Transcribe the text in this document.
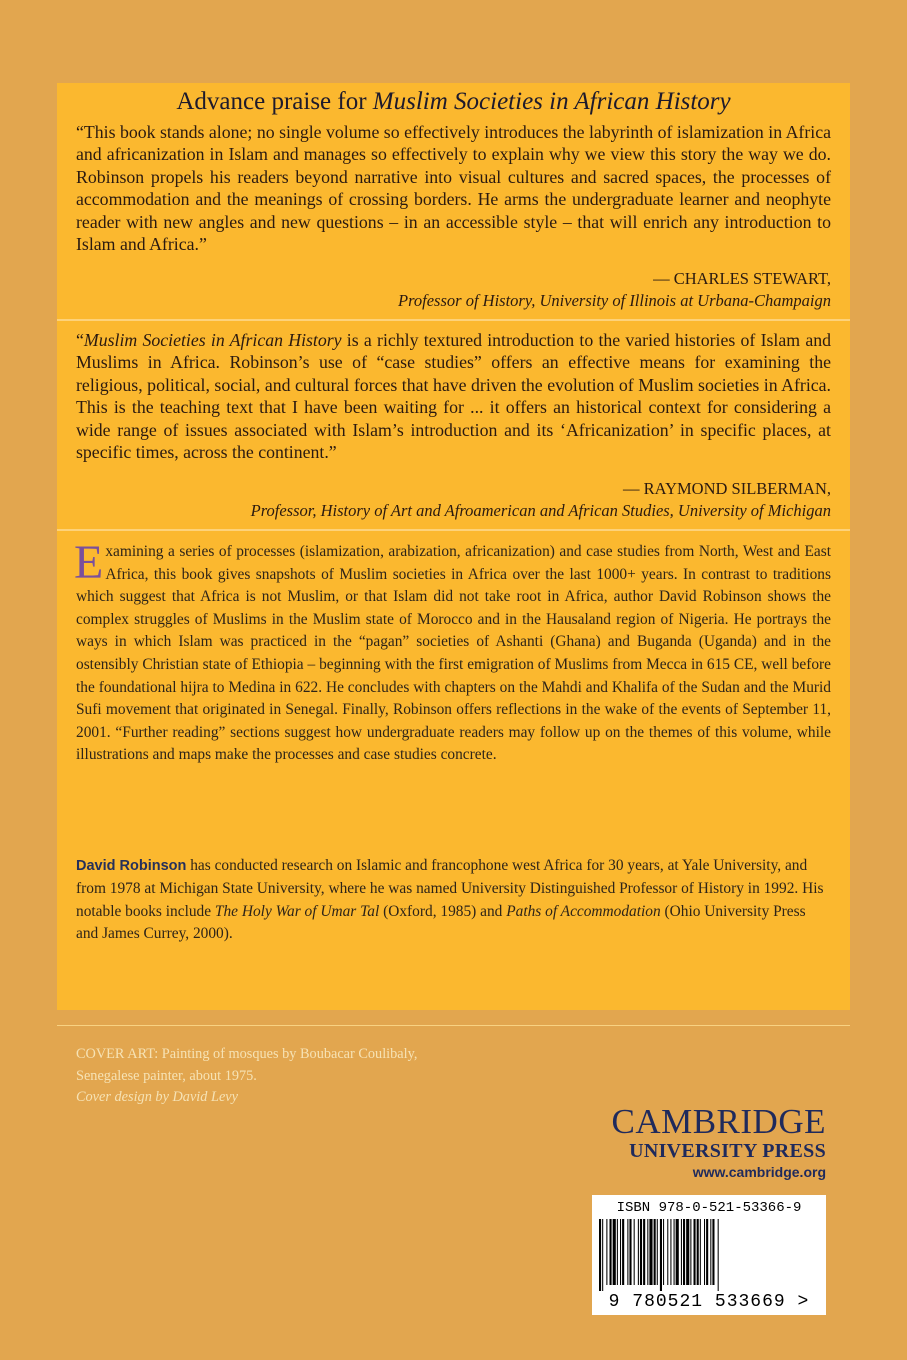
Advance praise for Muslim Societies in African History
“This book stands alone; no single volume so effectively introduces the labyrinth of islamization in Africa and africanization in Islam and manages so effectively to explain why we view this story the way we do. Robinson propels his readers beyond narrative into visual cultures and sacred spaces, the processes of accommodation and the meanings of crossing borders. He arms the undergraduate learner and neophyte reader with new angles and new questions – in an accessible style – that will enrich any introduction to Islam and Africa.”
— CHARLES STEWART,
Professor of History, University of Illinois at Urbana-Champaign
“Muslim Societies in African History is a richly textured introduction to the varied histories of Islam and Muslims in Africa. Robinson’s use of “case studies” offers an effective means for examining the religious, political, social, and cultural forces that have driven the evolution of Muslim societies in Africa. This is the teaching text that I have been waiting for ... it offers an historical context for considering a wide range of issues associated with Islam’s introduction and its ‘Africanization’ in specific places, at specific times, across the continent.”
— RAYMOND SILBERMAN,
Professor, History of Art and Afroamerican and African Studies, University of Michigan
Examining a series of processes (islamization, arabization, africanization) and case studies from North, West and East Africa, this book gives snapshots of Muslim societies in Africa over the last 1000+ years. In contrast to traditions which suggest that Africa is not Muslim, or that Islam did not take root in Africa, author David Robinson shows the complex struggles of Muslims in the Muslim state of Morocco and in the Hausaland region of Nigeria. He portrays the ways in which Islam was practiced in the “pagan” societies of Ashanti (Ghana) and Buganda (Uganda) and in the ostensibly Christian state of Ethiopia – beginning with the first emigration of Muslims from Mecca in 615 CE, well before the foundational hijra to Medina in 622. He concludes with chapters on the Mahdi and Khalifa of the Sudan and the Murid Sufi movement that originated in Senegal. Finally, Robinson offers reflections in the wake of the events of September 11, 2001. “Further reading” sections suggest how undergraduate readers may follow up on the themes of this volume, while illustrations and maps make the processes and case studies concrete.
David Robinson has conducted research on Islamic and francophone west Africa for 30 years, at Yale University, and from 1978 at Michigan State University, where he was named University Distinguished Professor of History in 1992. His notable books include The Holy War of Umar Tal (Oxford, 1985) and Paths of Accommodation (Ohio University Press and James Currey, 2000).
COVER ART: Painting of mosques by Boubacar Coulibaly,
Senegalese painter, about 1975.
Cover design by David Levy
CAMBRIDGE
UNIVERSITY PRESS
www.cambridge.org
ISBN 978-0-521-53366-9
9 780521 533669 >
